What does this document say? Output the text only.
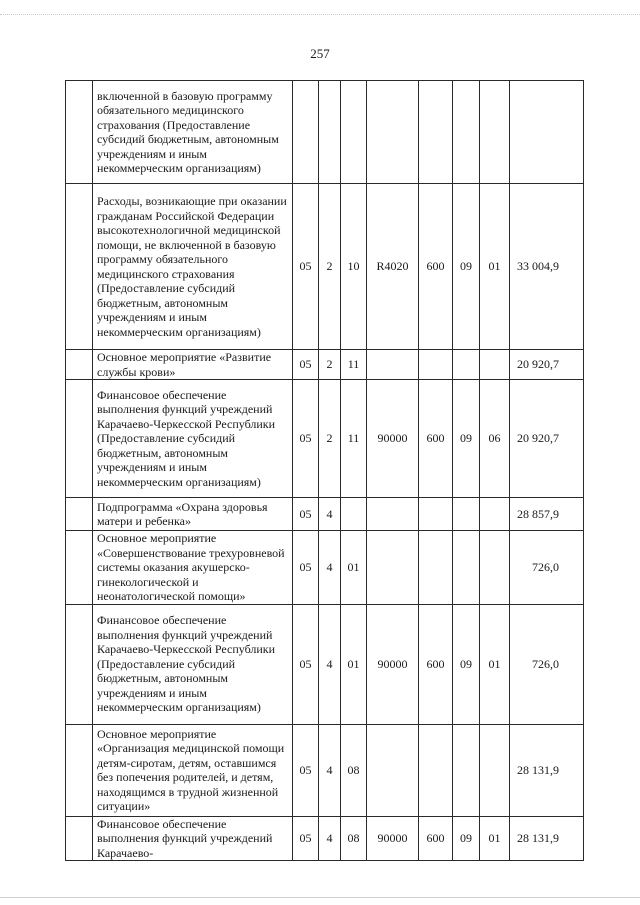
257
	включенной в базовую программу обязательного медицинского страхования (Предоставление субсидий бюджетным, автономным учреждениям и иным некоммерческим организациям)								
	Расходы, возникающие при оказании гражданам Российской Федерации высокотехнологичной медицинской помощи, не включенной в базовую программу обязательного медицинского страхования (Предоставление субсидий бюджетным, автономным учреждениям и иным некоммерческим организациям)	05	2	10	R4020	600	09	01	33 004,9
	Основное мероприятие «Развитие службы крови»	05	2	11					20 920,7
	Финансовое обеспечение выполнения функций учреждений Карачаево-Черкесской Республики (Предоставление субсидий бюджетным, автономным учреждениям и иным некоммерческим организациям)	05	2	11	90000	600	09	06	20 920,7
	Подпрограмма «Охрана здоровья матери и ребенка»	05	4						28 857,9
	Основное мероприятие «Совершенствование трехуровневой системы оказания акушерско-гинекологической и неонатологической помощи»	05	4	01					726,0
	Финансовое обеспечение выполнения функций учреждений Карачаево-Черкесской Республики (Предоставление субсидий бюджетным, автономным учреждениям и иным некоммерческим организациям)	05	4	01	90000	600	09	01	726,0
	Основное мероприятие «Организация медицинской помощи детям-сиротам, детям, оставшимся без попечения родителей, и детям, находящимся в трудной жизненной ситуации»	05	4	08					28 131,9
	Финансовое обеспечение выполнения функций учреждений Карачаево-	05	4	08	90000	600	09	01	28 131,9
